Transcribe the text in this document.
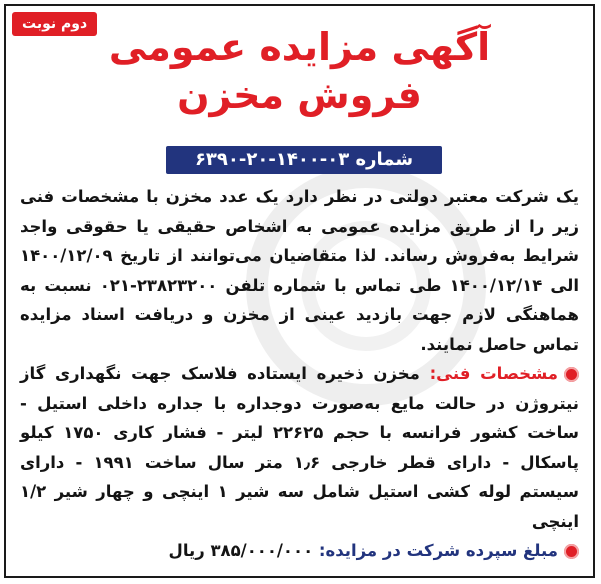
دوم نوبت
آگهی مزایده عمومی
فروش مخزن
شماره ۰۳-۱۴۰۰-۲۰-۶۳۹۰

یک شرکت معتبر دولتی در نظر دارد یک عدد مخزن با مشخصات فنی زیر را از طریق مزایده عمومی به اشخاص حقیقی یا حقوقی واجد شرایط به‌فروش رساند. لذا متقاضیان می‌توانند از تاریخ ۱۴۰۰/۱۲/۰۹ الی ۱۴۰۰/۱۲/۱۴ طی تماس با شماره تلفن ۲۳۸۲۳۲۰۰-۰۲۱ نسبت به هماهنگی لازم جهت بازدید عینی از مخزن و دریافت اسناد مزایده تماس حاصل نمایند.

مشخصات فنی: مخزن ذخیره ایستاده فلاسک جهت نگهداری گاز نیتروژن در حالت مایع به‌صورت دوجداره با جداره داخلی استیل - ساخت کشور فرانسه با حجم ۲۲۶۲۵ لیتر - فشار کاری ۱۷۵۰ کیلو پاسکال - دارای قطر خارجی ۱٫۶ متر سال ساخت ۱۹۹۱ - دارای سیستم لوله کشی استیل شامل سه شیر ۱ اینچی و چهار شیر ۱/۲ اینچی

مبلغ سپرده شرکت در مزایده: ۳۸۵/۰۰۰/۰۰۰ ریال
